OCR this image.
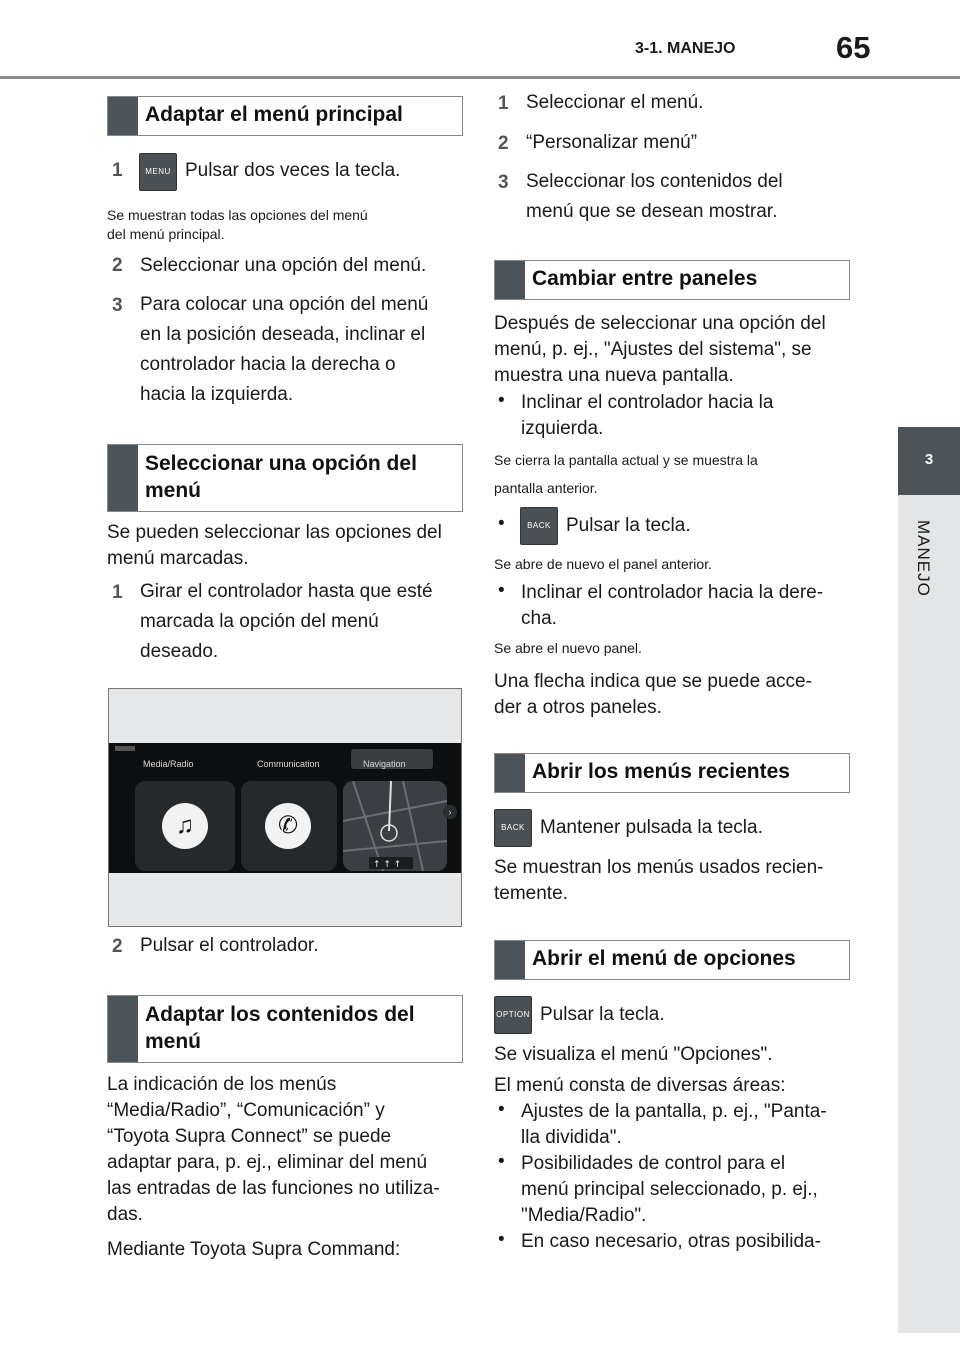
3-1. MANEJO	65
3
MANEJO
Adaptar el menú principal
1	MENU Pulsar dos veces la tecla.
Se muestran todas las opciones del menú
del menú principal.
2 Seleccionar una opción del menú.
3 Para colocar una opción del menú
en la posición deseada, inclinar el
controlador hacia la derecha o
hacia la izquierda.
Seleccionar una opción del
menú
Se pueden seleccionar las opciones del
menú marcadas.
1 Girar el controlador hasta que esté
marcada la opción del menú
deseado.
Media/Radio	Communication	Navigation
♫	✆
↑ ↑ ↑
›
2 Pulsar el controlador.
Adaptar los contenidos del
menú
La indicación de los menús
“Media/Radio”, “Comunicación” y
“Toyota Supra Connect” se puede
adaptar para, p. ej., eliminar del menú
las entradas de las funciones no utiliza-
das.
Mediante Toyota Supra Command:
1 Seleccionar el menú.
2 “Personalizar menú”
3 Seleccionar los contenidos del
menú que se desean mostrar.
Cambiar entre paneles
Después de seleccionar una opción del
menú, p. ej., "Ajustes del sistema", se
muestra una nueva pantalla.
• Inclinar el controlador hacia la
izquierda.
Se cierra la pantalla actual y se muestra la
pantalla anterior.
•	BACK Pulsar la tecla.
Se abre de nuevo el panel anterior.
• Inclinar el controlador hacia la dere-
cha.
Se abre el nuevo panel.
Una flecha indica que se puede acce-
der a otros paneles.
Abrir los menús recientes
BACK Mantener pulsada la tecla.
Se muestran los menús usados recien-
temente.
Abrir el menú de opciones
OPTION Pulsar la tecla.
Se visualiza el menú "Opciones".
El menú consta de diversas áreas:
• Ajustes de la pantalla, p. ej., "Panta-
lla dividida".
• Posibilidades de control para el
menú principal seleccionado, p. ej.,
"Media/Radio".
• En caso necesario, otras posibilida-
